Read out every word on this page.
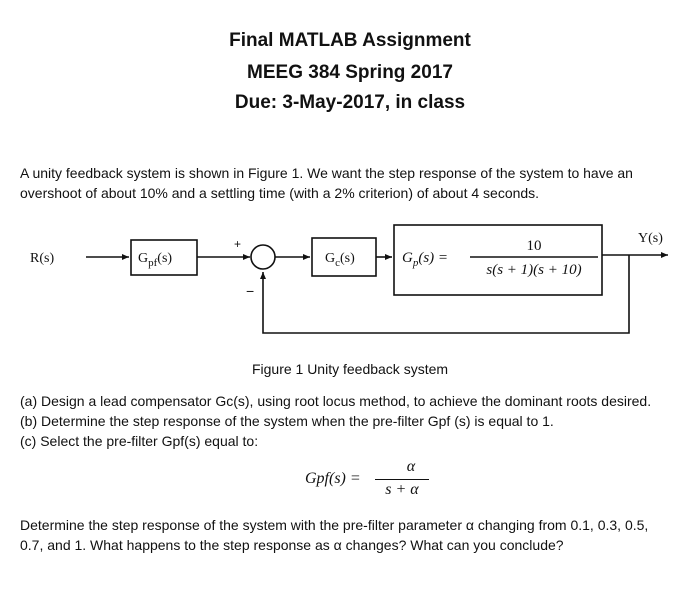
Final MATLAB Assignment
MEEG 384 Spring 2017
Due: 3-May-2017, in class
A unity feedback system is shown in Figure 1. We want the step response of the system to have an
overshoot of about 10% and a settling time (with a 2% criterion) of about 4 seconds.
R(s)
Y(s)
$G_{pf}(s)$	$G_c(s)$
+
−
$G_p(s)$ =
10
s(s + 1)(s + 10)
Figure 1 Unity feedback system
(a) Design a lead compensator Gc(s), using root locus method, to achieve the dominant roots desired.
(b) Determine the step response of the system when the pre-filter Gpf (s) is equal to 1.
(c) Select the pre-filter Gpf(s) equal to:
Gpf(s) =
α
s + α
Determine the step response of the system with the pre-filter parameter α changing from 0.1, 0.3, 0.5,
0.7, and 1. What happens to the step response as α changes? What can you conclude?
